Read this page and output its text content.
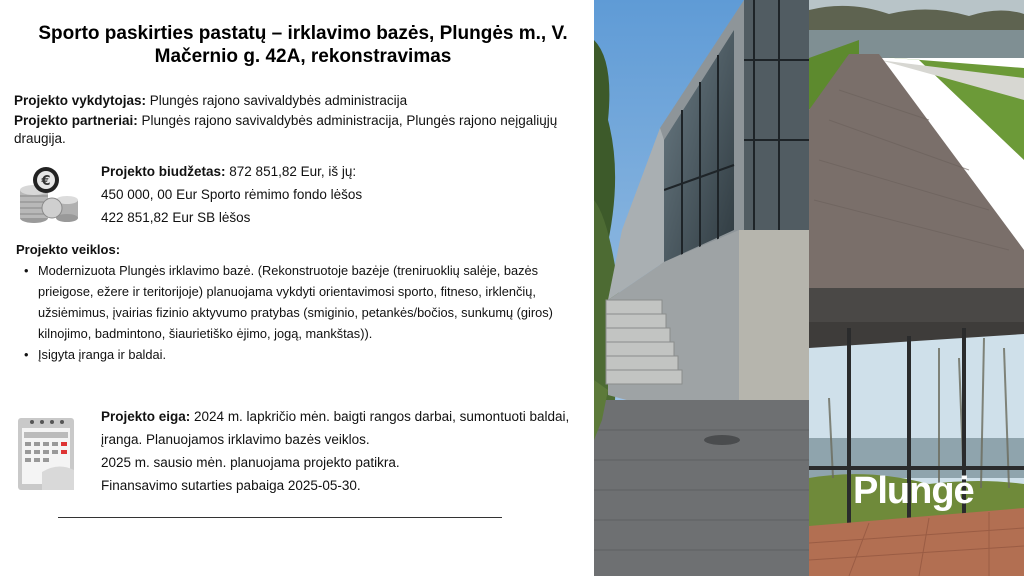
Sporto paskirties pastatų – irklavimo bazės, Plungės m., V. Mačernio g. 42A, rekonstravimas

Projekto vykdytojas: Plungės rajono savivaldybės administracija

Projekto partneriai: Plungės rajono savivaldybės administracija, Plungės rajono neįgaliųjų draugija.

€
Projekto biudžetas: 872 851,82 Eur, iš jų:
450 000, 00 Eur Sporto rėmimo fondo lėšos
422 851,82 Eur SB lėšos
Projekto veiklos:
• Modernizuota Plungės irklavimo bazė. (Rekonstruotoje bazėje (treniruoklių salėje, bazės prieigose, ežere ir teritorijoje) planuojama vykdyti orientavimosi sporto, fitneso, irklenčių, užsiėmimus, įvairias fizinio aktyvumo pratybas (smiginio, petankės/bočios, sunkumų (giros) kilnojimo, badmintono, šiaurietiško ėjimo, jogą, mankštas)).
• Įsigyta įranga ir baldai.
Projekto eiga: 2024 m. lapkričio mėn. baigti rangos darbai, sumontuoti baldai, įranga. Planuojamos irklavimo bazės veiklos.
2025 m. sausio mėn. planuojama projekto patikra.
Finansavimo sutarties pabaiga 2025-05-30.	Plungė
